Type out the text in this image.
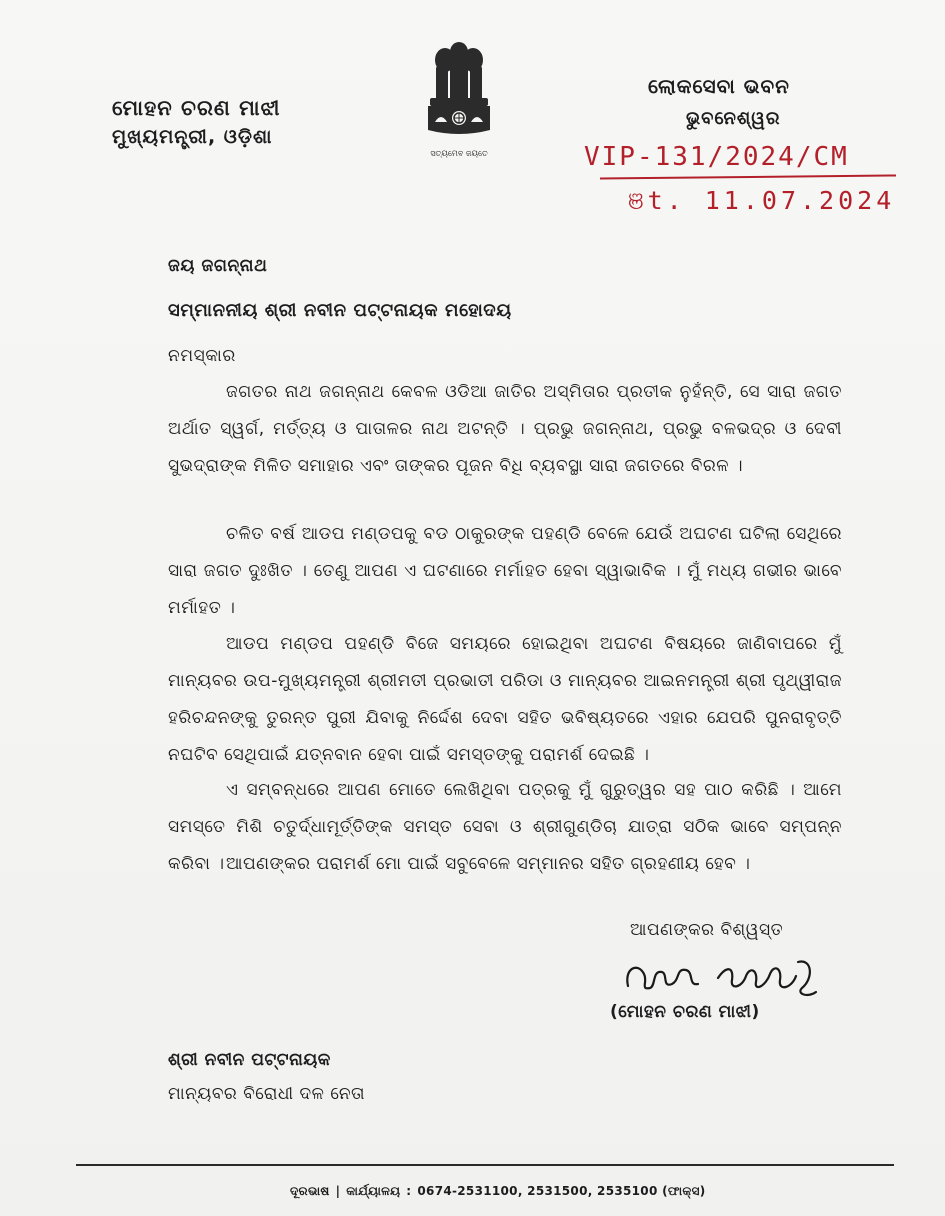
ମୋହନ ଚରଣ ମାଝୀ
ମୁଖ୍ୟମନ୍ତ୍ରୀ, ଓଡ଼ିଶା
ସତ୍ୟମେବ ଜୟତେ
ଲୋକସେବା ଭବନ
ଭୁବନେଶ୍ୱର
VIP-131/2024/CM
ଞt. 11.07.2024
ଜୟ ଜଗନ୍ନାଥ
ସମ୍ମାନନୀୟ ଶ୍ରୀ ନବୀନ ପଟ୍ଟନାୟକ ମହୋଦୟ
ନମସ୍କାର

ଜଗତର ନାଥ ଜଗନ୍ନାଥ କେବଳ ଓଡିଆ ଜାତିର ଅସ୍ମିତାର ପ୍ରତୀକ ନୁହଁନ୍ତି, ସେ ସାରା ଜଗତ ଅର୍ଥାତ ସ୍ୱର୍ଗ, ମର୍ତ୍ତ୍ୟ ଓ ପାତାଳର ନାଥ ଅଟନ୍ତି । ପ୍ରଭୁ ଜଗନ୍ନାଥ, ପ୍ରଭୁ ବଳଭଦ୍ର ଓ ଦେବୀ ସୁଭଦ୍ରାଙ୍କ ମିଳିତ ସମାହାର ଏବଂ ତାଙ୍କର ପୂଜନ ବିଧି ବ୍ୟବସ୍ଥା ସାରା ଜଗତରେ ବିରଳ ।

ଚଳିତ ବର୍ଷ ଆଡପ ମଣ୍ଡପକୁ ବଡ ଠାକୁରଙ୍କ ପହଣ୍ଡି ବେଳେ ଯେଉଁ ଅଘଟଣ ଘଟିଲା ସେଥିରେ ସାରା ଜଗତ ଦୁଃଖିତ । ତେଣୁ ଆପଣ ଏ ଘଟଣାରେ ମର୍ମାହତ ହେବା ସ୍ୱାଭାବିକ । ମୁଁ ମଧ୍ୟ ଗଭୀର ଭାବେ ମର୍ମାହତ ।

ଆଡପ ମଣ୍ଡପ ପହଣ୍ଡି ବିଜେ ସମୟରେ ହୋଇଥିବା ଅଘଟଣ ବିଷୟରେ ଜାଣିବାପରେ ମୁଁ ମାନ୍ୟବର ଉପ-ମୁଖ୍ୟମନ୍ତ୍ରୀ ଶ୍ରୀମତୀ ପ୍ରଭାତୀ ପରିଡା ଓ ମାନ୍ୟବର ଆଇନମନ୍ତ୍ରୀ ଶ୍ରୀ ପୃଥ୍ୱୀରାଜ ହରିଚନ୍ଦନଙ୍କୁ ତୁରନ୍ତ ପୁରୀ ଯିବାକୁ ନିର୍ଦ୍ଦେଶ ଦେବା ସହିତ ଭବିଷ୍ୟତରେ ଏହାର ଯେପରି ପୁନରାବୃତ୍ତି ନଘଟିବ ସେଥିପାଇଁ ଯତ୍ନବାନ ହେବା ପାଇଁ ସମସ୍ତଙ୍କୁ ପରାମର୍ଶ ଦେଇଛି ।

ଏ ସମ୍ବନ୍ଧରେ ଆପଣ ମୋତେ ଲେଖିଥିବା ପତ୍ରକୁ ମୁଁ ଗୁରୁତ୍ୱର ସହ ପାଠ କରିଛି । ଆମେ ସମସ୍ତେ ମିଶି ଚତୁର୍ଦ୍ଧାମୂର୍ତ୍ତିଙ୍କ ସମସ୍ତ ସେବା ଓ ଶ୍ରୀଗୁଣ୍ଡିଚା ଯାତ୍ରା ସଠିକ ଭାବେ ସମ୍ପନ୍ନ କରିବା । ଆପଣଙ୍କର ପରାମର୍ଶ ମୋ ପାଇଁ ସବୁବେଳେ ସମ୍ମାନର ସହିତ ଗ୍ରହଣୀୟ ହେବ ।

ଆପଣଙ୍କର ବିଶ୍ୱସ୍ତ
(ମୋହନ ଚରଣ ମାଝୀ)
ଶ୍ରୀ ନବୀନ ପଟ୍ଟନାୟକ
ମାନ୍ୟବର ବିରୋଧୀ ଦଳ ନେତା
ଦୂରଭାଷ | କାର୍ଯ୍ୟାଳୟ : 0674-2531100, 2531500, 2535100 (ଫାକ୍ସ)
